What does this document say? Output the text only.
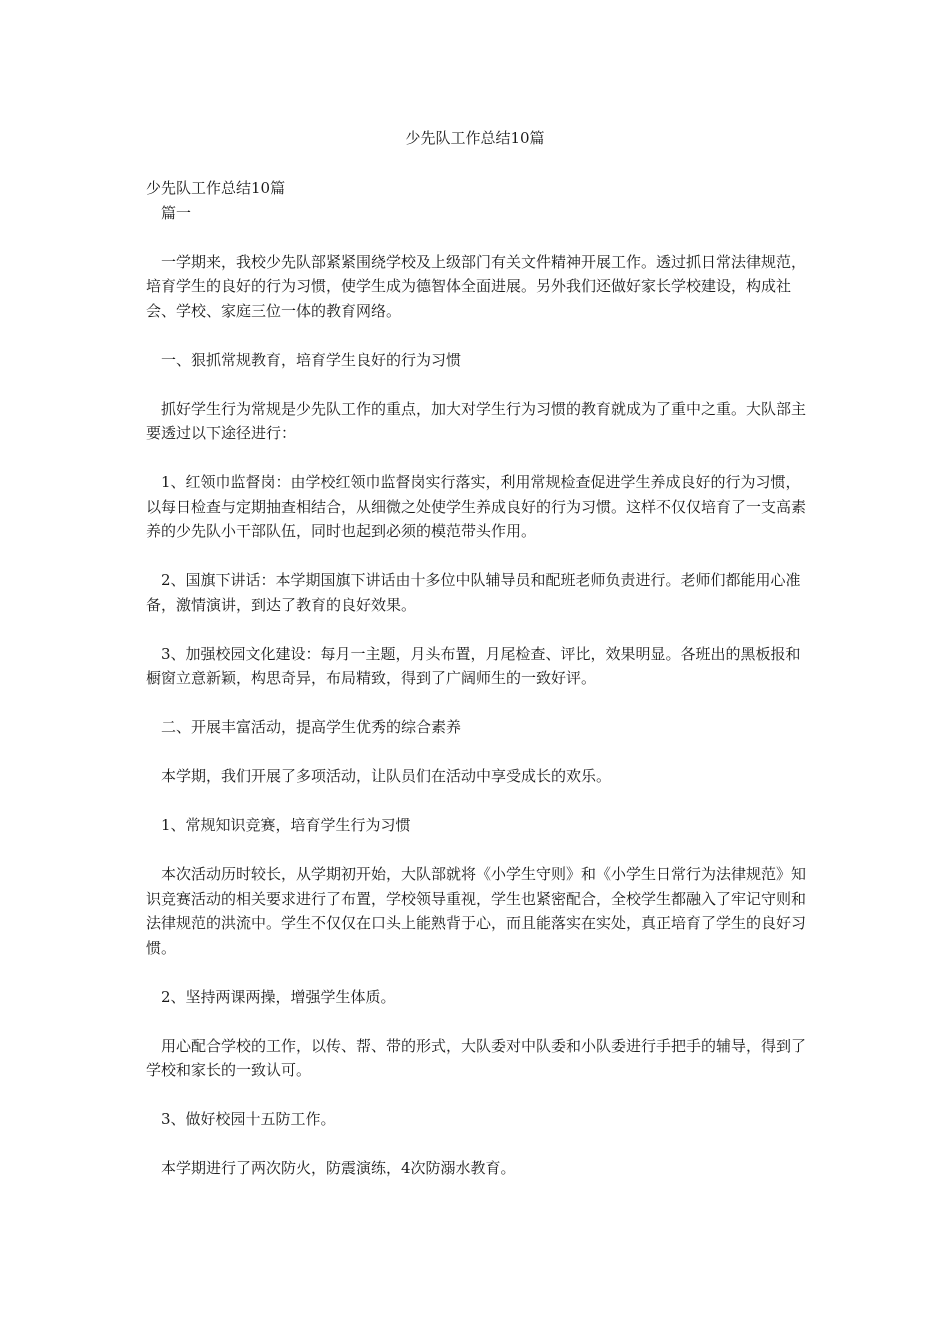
少先队工作总结10篇

少先队工作总结10篇

篇一

一学期来，我校少先队部紧紧围绕学校及上级部门有关文件精神开展工作。透过抓日常法律规范，培育学生的良好的行为习惯，使学生成为德智体全面进展。另外我们还做好家长学校建设，构成社会、学校、家庭三位一体的教育网络。

一、狠抓常规教育，培育学生良好的行为习惯

抓好学生行为常规是少先队工作的重点，加大对学生行为习惯的教育就成为了重中之重。大队部主要透过以下途径进行：

1、红领巾监督岗：由学校红领巾监督岗实行落实，利用常规检查促进学生养成良好的行为习惯，以每日检查与定期抽查相结合，从细微之处使学生养成良好的行为习惯。这样不仅仅培育了一支高素养的少先队小干部队伍，同时也起到必须的模范带头作用。

2、国旗下讲话：本学期国旗下讲话由十多位中队辅导员和配班老师负责进行。老师们都能用心准备，激情演讲，到达了教育的良好效果。

3、加强校园文化建设：每月一主题，月头布置，月尾检查、评比，效果明显。各班出的黑板报和橱窗立意新颖，构思奇异，布局精致，得到了广阔师生的一致好评。

二、开展丰富活动，提高学生优秀的综合素养

本学期，我们开展了多项活动，让队员们在活动中享受成长的欢乐。

1、常规知识竞赛，培育学生行为习惯

本次活动历时较长，从学期初开始，大队部就将《小学生守则》和《小学生日常行为法律规范》知识竞赛活动的相关要求进行了布置，学校领导重视，学生也紧密配合，全校学生都融入了牢记守则和法律规范的洪流中。学生不仅仅在口头上能熟背于心，而且能落实在实处，真正培育了学生的良好习惯。

2、坚持两课两操，增强学生体质。

用心配合学校的工作，以传、帮、带的形式，大队委对中队委和小队委进行手把手的辅导，得到了学校和家长的一致认可。

3、做好校园十五防工作。

本学期进行了两次防火，防震演练，4次防溺水教育。
